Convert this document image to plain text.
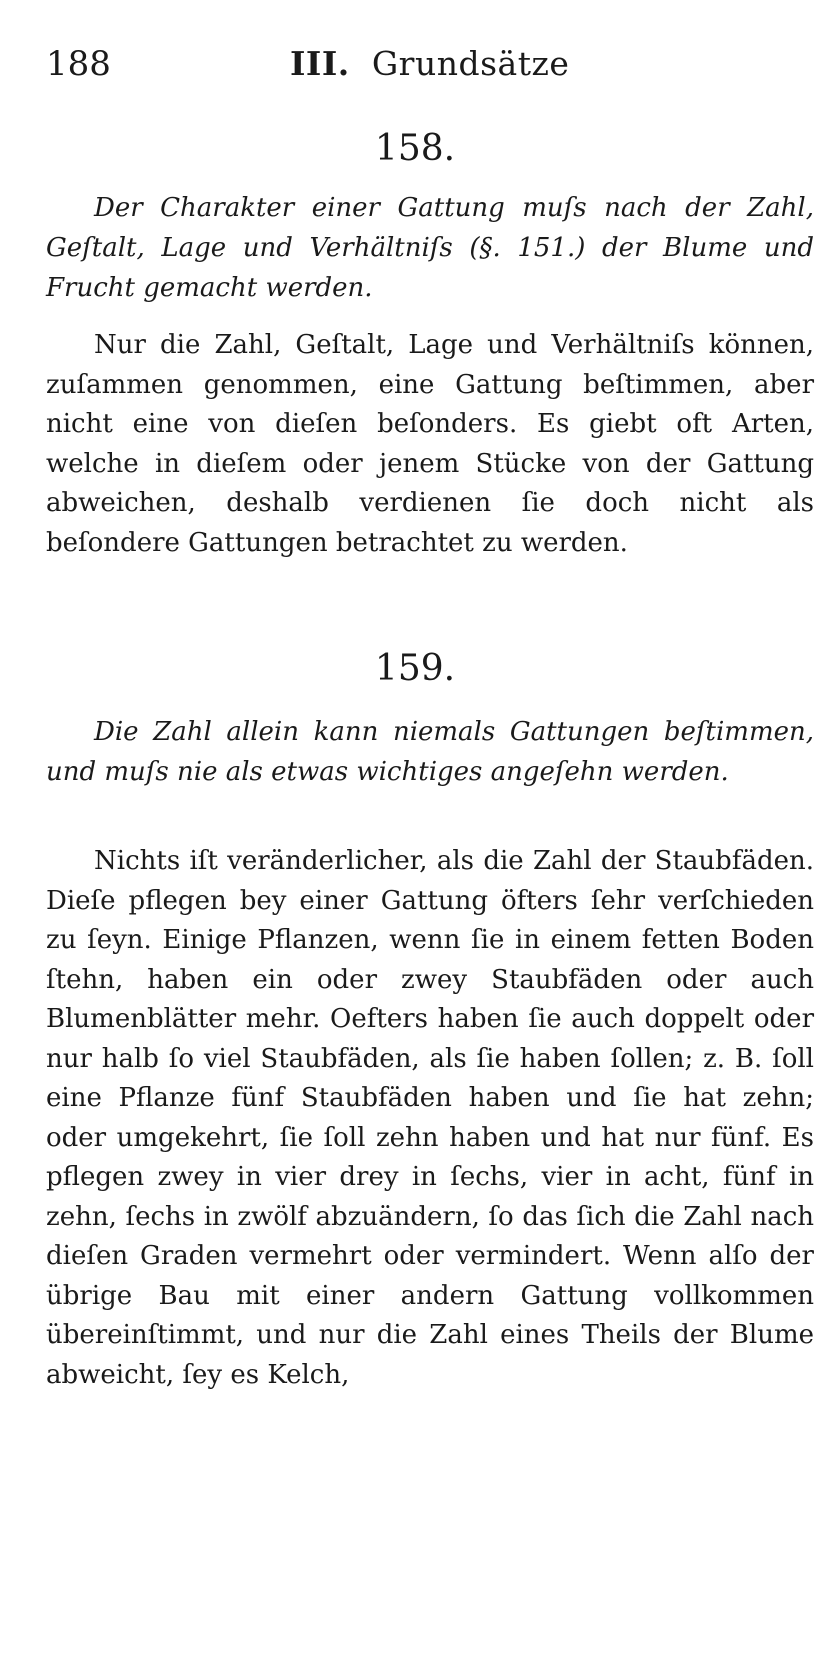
188	III. Grundsätze
158.
Der Charakter einer Gattung muſs nach der Zahl, Geſtalt, Lage und Verhältniſs (§. 151.) der Blume und Frucht gemacht werden.
Nur die Zahl, Geſtalt, Lage und Verhältniſs können, zuſammen genommen, eine Gattung beſtimmen, aber nicht eine von dieſen beſonders. Es giebt oft Arten, welche in dieſem oder jenem Stücke von der Gattung abweichen, deshalb verdienen ſie doch nicht als beſondere Gattungen betrachtet zu werden.
159.
Die Zahl allein kann niemals Gattungen beſtimmen, und muſs nie als etwas wichtiges angeſehn werden.
Nichts iſt veränderlicher, als die Zahl der Staubfäden. Dieſe pflegen bey einer Gattung öfters ſehr verſchieden zu ſeyn. Einige Pflanzen, wenn ſie in einem fetten Boden ſtehn, haben ein oder zwey Staubfäden oder auch Blumenblätter mehr. Oefters haben ſie auch doppelt oder nur halb ſo viel Staubfäden, als ſie haben ſollen; z. B. ſoll eine Pflanze fünf Staubfäden haben und ſie hat zehn; oder umgekehrt, ſie ſoll zehn haben und hat nur fünf. Es pflegen zwey in vier drey in ſechs, vier in acht, fünf in zehn, ſechs in zwölf abzuändern, ſo das ſich die Zahl nach dieſen Graden vermehrt oder vermindert. Wenn alſo der übrige Bau mit einer andern Gattung vollkommen übereinſtimmt, und nur die Zahl eines Theils der Blume abweicht, ſey es Kelch,
